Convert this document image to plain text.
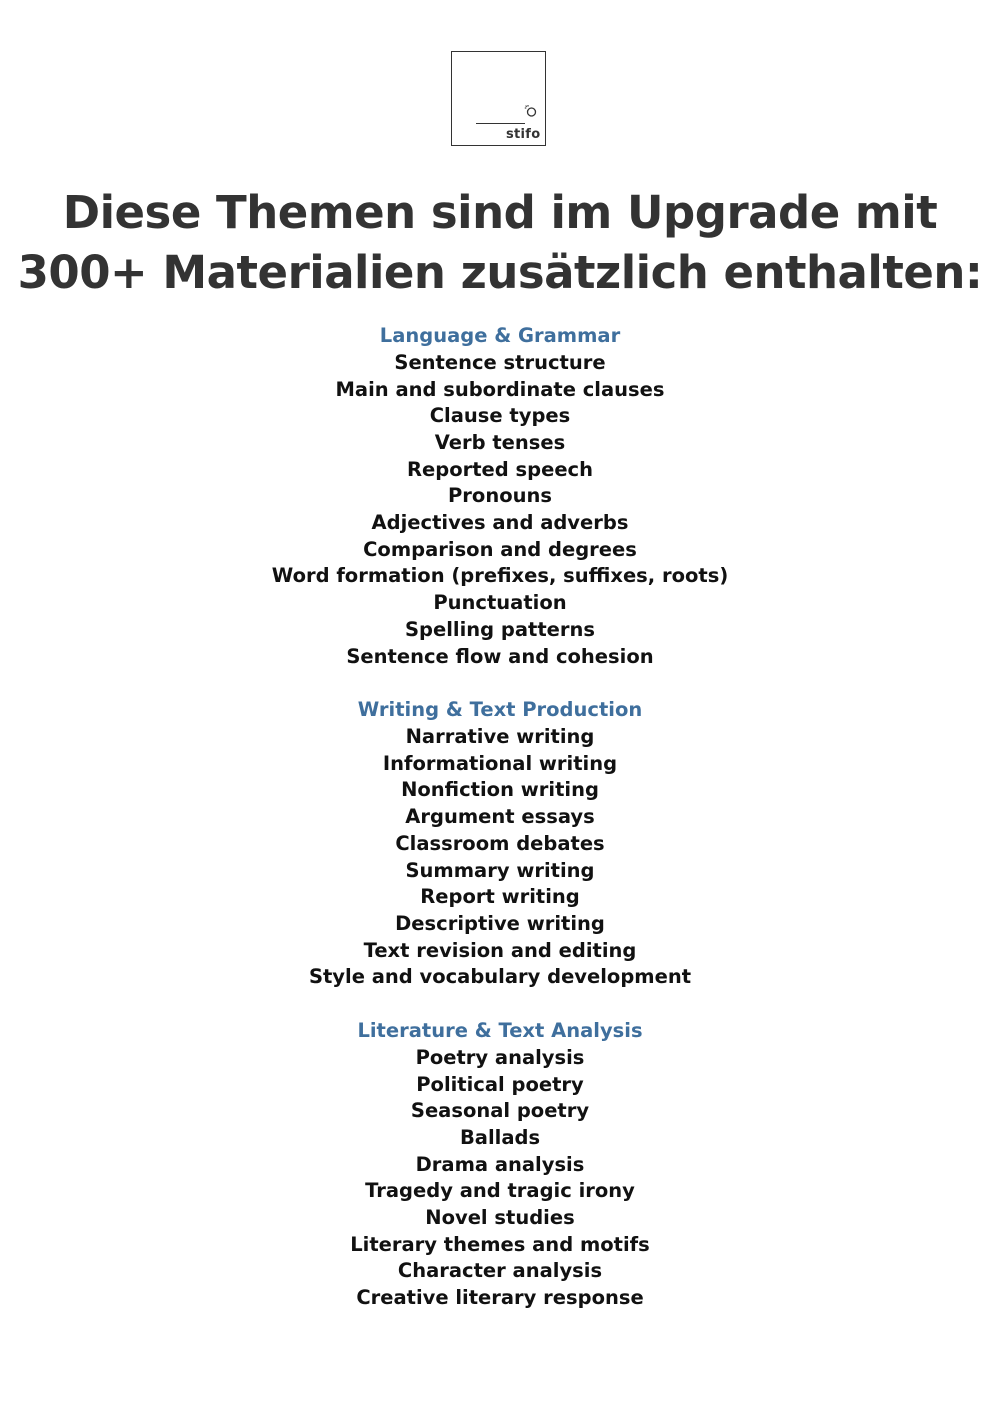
stifo
Diese Themen sind im Upgrade mit
300+ Materialien zusätzlich enthalten:

Language & Grammar

Sentence structure

Main and subordinate clauses

Clause types

Verb tenses

Reported speech

Pronouns

Adjectives and adverbs

Comparison and degrees

Word formation (prefixes, suffixes, roots)

Punctuation

Spelling patterns

Sentence flow and cohesion

Writing & Text Production

Narrative writing

Informational writing

Nonfiction writing

Argument essays

Classroom debates

Summary writing

Report writing

Descriptive writing

Text revision and editing

Style and vocabulary development

Literature & Text Analysis

Poetry analysis

Political poetry

Seasonal poetry

Ballads

Drama analysis

Tragedy and tragic irony

Novel studies

Literary themes and motifs

Character analysis

Creative literary response
